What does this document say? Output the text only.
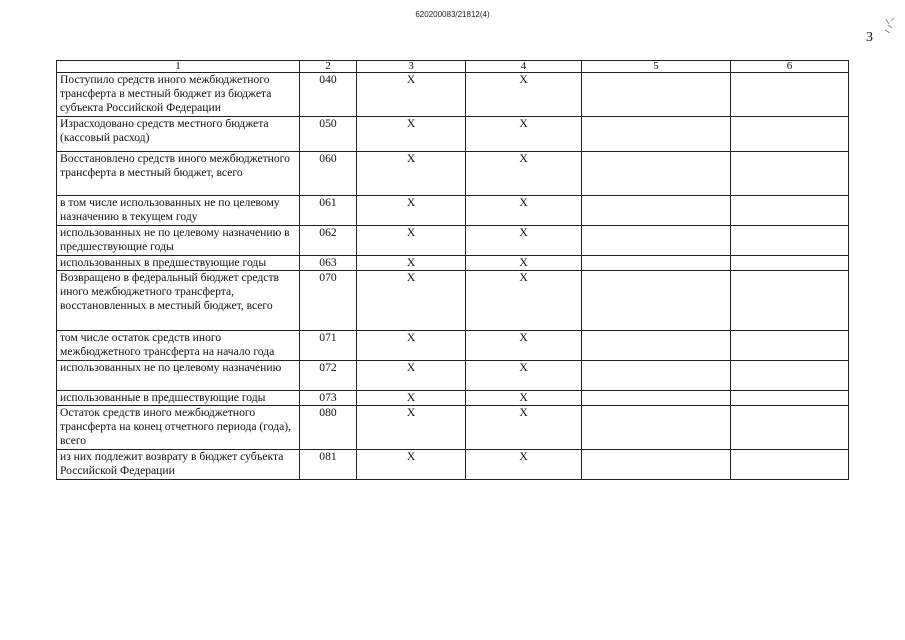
620200083/21812(4)
3
1	2	3	4	5	6
Поступило средств иного межбюджетного трансферта в местный бюджет из бюджета субъекта Российской Федерации	040	X	X		
Израсходовано средств местного бюджета (кассовый расход)	050	X	X		
Восстановлено средств иного межбюджетного трансферта в местный бюджет, всего	060	X	X		
в том числе использованных не по целевому назначению в текущем году	061	X	X		
использованных не по целевому назначению в предшествующие годы	062	X	X		
использованных в предшествующие годы	063	X	X		
Возвращено в федеральный бюджет средств иного межбюджетного трансферта, восстановленных в местный бюджет, всего	070	X	X		
том числе остаток средств иного межбюджетного трансферта на начало года	071	X	X		
использованных не по целевому назначению	072	X	X		
использованные в предшествующие годы	073	X	X		
Остаток средств иного межбюджетного трансферта на конец отчетного периода (года), всего	080	X	X		
из них подлежит возврату в бюджет субъекта Российской Федерации	081	X	X		
